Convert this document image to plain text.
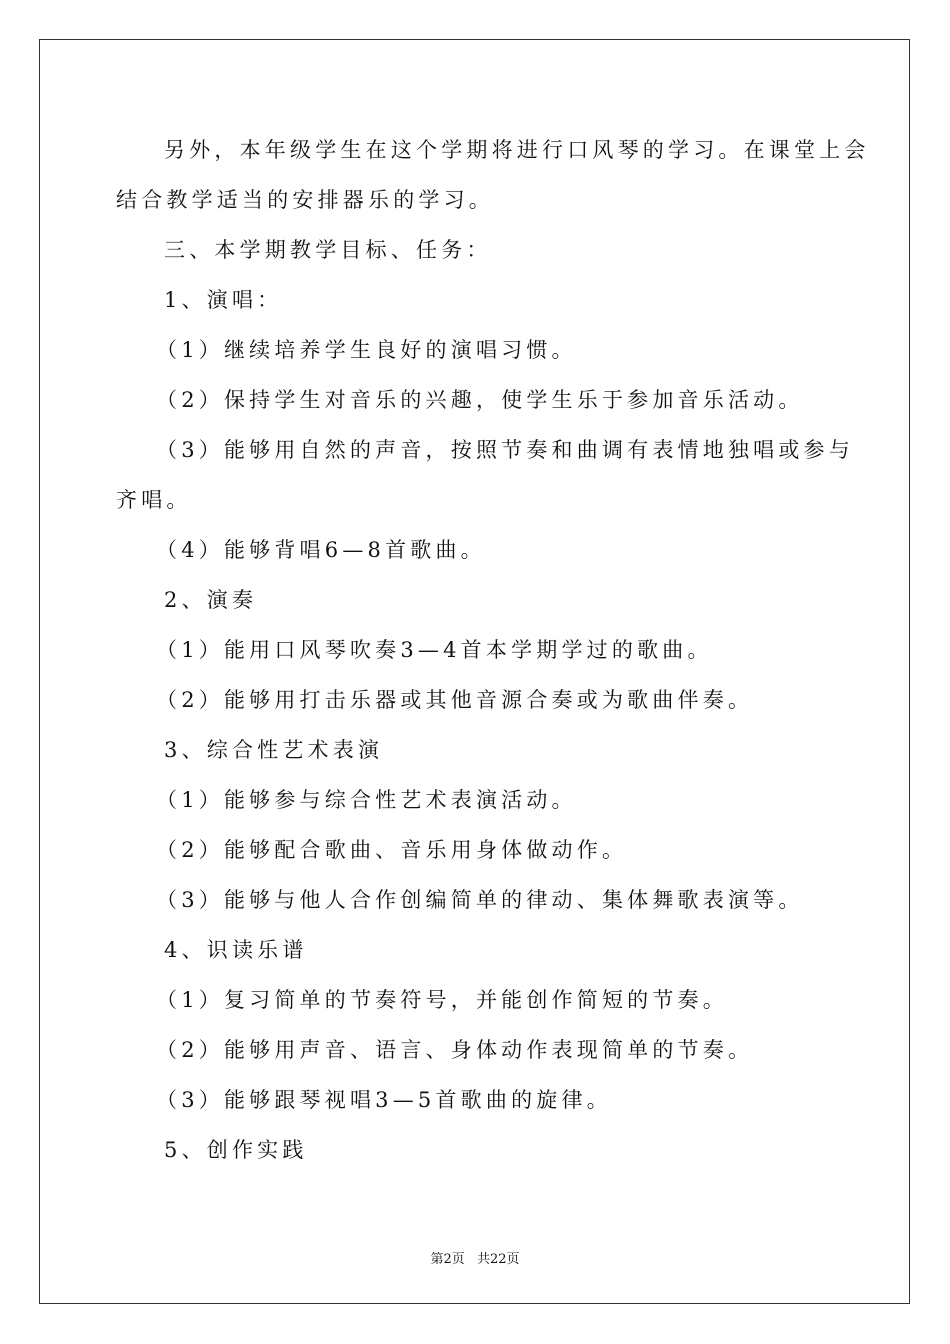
另外，本年级学生在这个学期将进行口风琴的学习。在课堂上会
结合教学适当的安排器乐的学习。
三、本学期教学目标、任务：
1、演唱：
（1）继续培养学生良好的演唱习惯。
（2）保持学生对音乐的兴趣，使学生乐于参加音乐活动。
（3）能够用自然的声音，按照节奏和曲调有表情地独唱或参与
齐唱。
（4）能够背唱6—8首歌曲。
2、演奏
（1）能用口风琴吹奏3—4首本学期学过的歌曲。
（2）能够用打击乐器或其他音源合奏或为歌曲伴奏。
3、综合性艺术表演
（1）能够参与综合性艺术表演活动。
（2）能够配合歌曲、音乐用身体做动作。
（3）能够与他人合作创编简单的律动、集体舞歌表演等。
4、识读乐谱
（1）复习简单的节奏符号，并能创作简短的节奏。
（2）能够用声音、语言、身体动作表现简单的节奏。
（3）能够跟琴视唱3—5首歌曲的旋律。
5、创作实践
第2页 共22页
